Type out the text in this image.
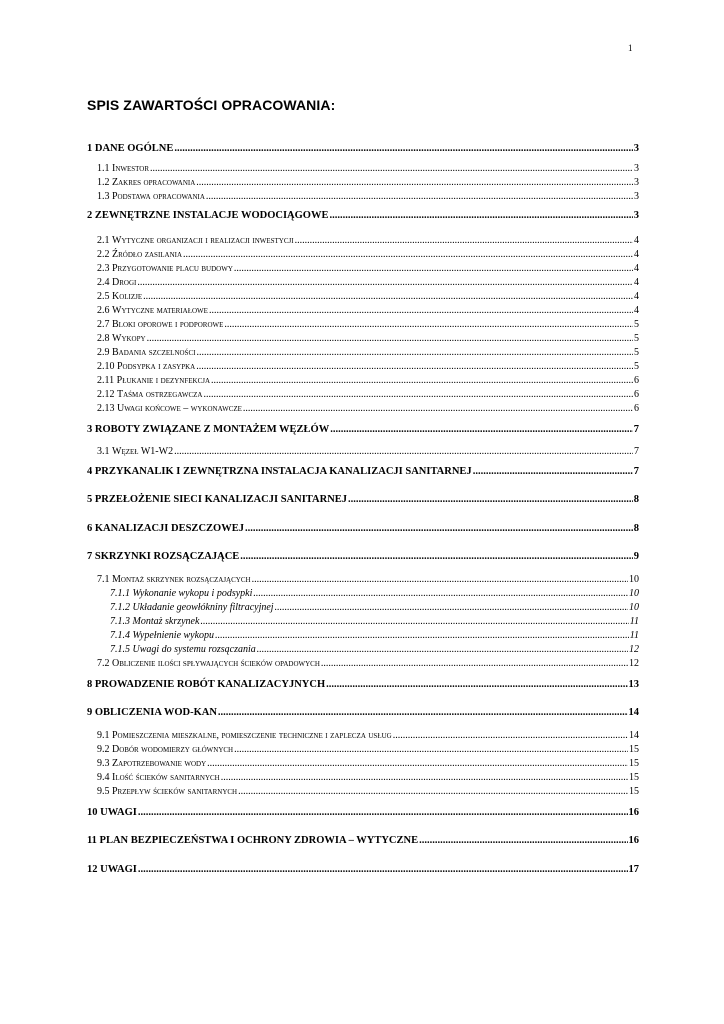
1
SPIS ZAWARTOŚCI OPRACOWANIA:
1 DANE OGÓLNE .....	3
1.1 Inwestor .....	3
1.2 Zakres opracowania .....	3
1.3 Podstawa opracowania .....	3
2 ZEWNĘTRZNE INSTALACJE WODOCIĄGOWE .....	3
2.1 Wytyczne organizacji i realizacji inwestycji .....	4
2.2 Źródło zasilania .....	4
2.3 Przygotowanie placu budowy .....	4
2.4 Drogi .....	4
2.5 Kolizje .....	4
2.6 Wytyczne materiałowe .....	4
2.7 Bloki oporowe i podporowe .....	5
2.8 Wykopy .....	5
2.9 Badania szczelności .....	5
2.10 Podsypka i zasypka .....	5
2.11 Płukanie i dezynfekcja .....	6
2.12 Taśma ostrzegawcza .....	6
2.13 Uwagi końcowe – wykonawcze .....	6
3 ROBOTY ZWIĄZANE Z MONTAŻEM WĘZŁÓW .....	7
3.1 Węzeł W1-W2 .....	7
4 PRZYKANALIK I ZEWNĘTRZNA INSTALACJA KANALIZACJI SANITARNEJ .....	7
5 PRZEŁOŻENIE SIECI KANALIZACJI SANITARNEJ .....	8
6 KANALIZACJI DESZCZOWEJ .....	8
7 SKRZYNKI ROZSĄCZAJĄCE .....	9
7.1 Montaż skrzynek rozsączających .....	10
7.1.1 Wykonanie wykopu i podsypki .....	10
7.1.2 Układanie geowłókniny filtracyjnej .....	10
7.1.3 Montaż skrzynek .....	11
7.1.4 Wypełnienie wykopu .....	11
7.1.5 Uwagi do systemu rozsączania .....	12
7.2 Obliczenie ilości spływających ścieków opadowych .....	12
8 PROWADZENIE ROBÓT KANALIZACYJNYCH .....	13
9 OBLICZENIA WOD-KAN .....	14
9.1 Pomieszczenia mieszkalne, pomieszczenie techniczne i zaplecza usług .....	14
9.2 Dobór wodomierzy głównych .....	15
9.3 Zapotrzebowanie wody .....	15
9.4 Ilość ścieków sanitarnych .....	15
9.5 Przepływ ścieków sanitarnych .....	15
10 UWAGI .....	16
11 PLAN BEZPIECZEŃSTWA I OCHRONY ZDROWIA – WYTYCZNE .....	16
12 UWAGI .....	17
